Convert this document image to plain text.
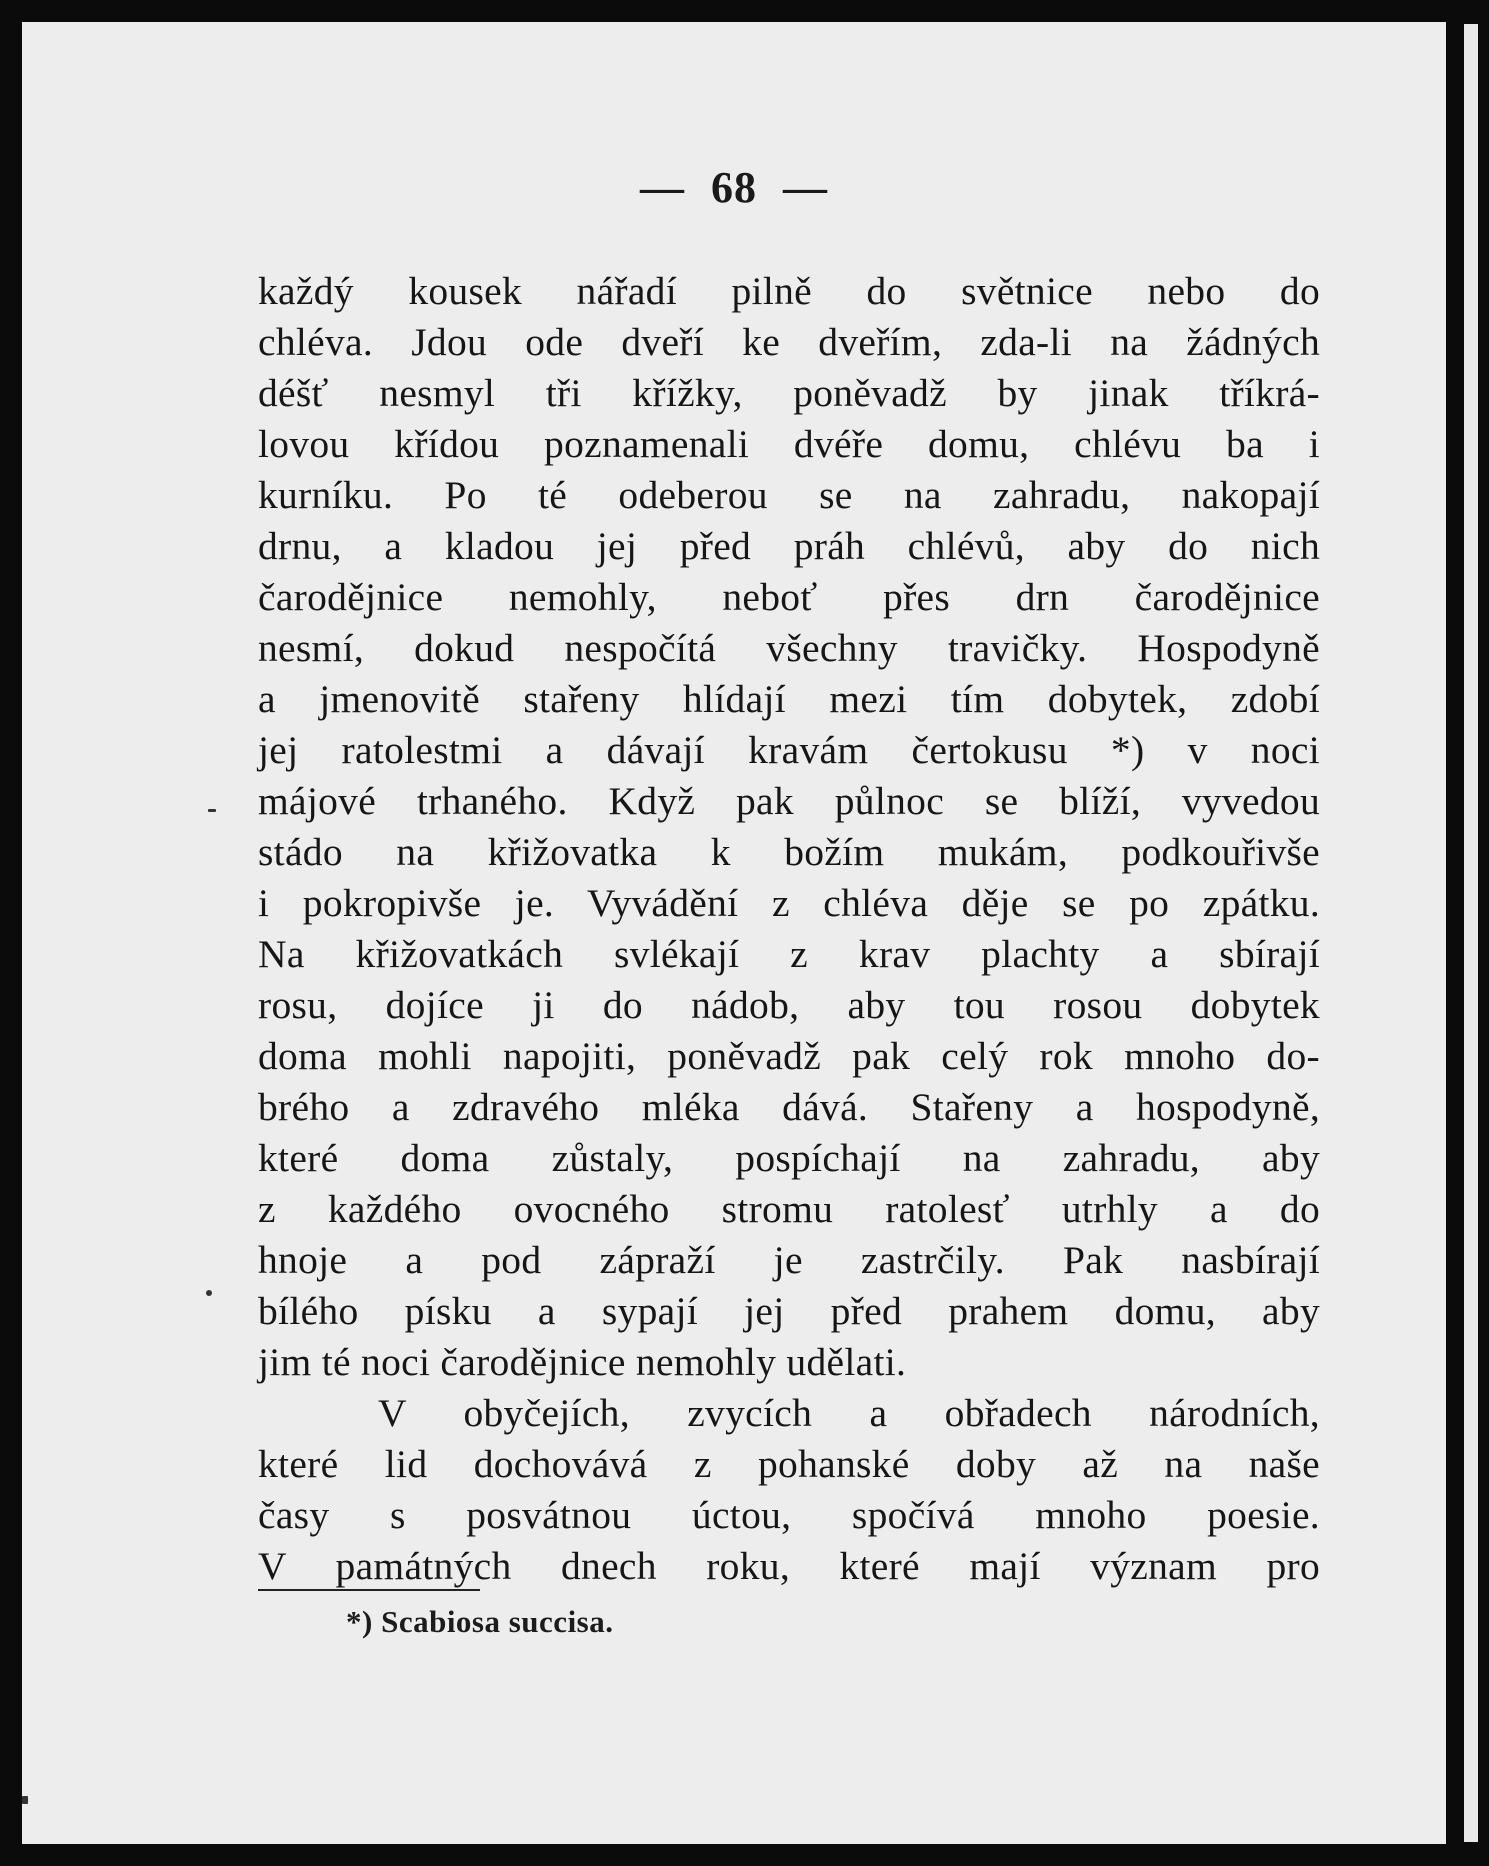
— 68 —
každý kousek nářadí pilně do světnice nebo do
chléva. Jdou ode dveří ke dveřím, zda-li na žádných
déšť nesmyl tři křížky, poněvadž by jinak tříkrá-
lovou křídou poznamenali dvéře domu, chlévu ba i
kurníku. Po té odeberou se na zahradu, nakopají
drnu, a kladou jej před práh chlévů, aby do nich
čarodějnice nemohly, neboť přes drn čarodějnice
nesmí, dokud nespočítá všechny travičky. Hospodyně
a jmenovitě stařeny hlídají mezi tím dobytek, zdobí
jej ratolestmi a dávají kravám čertokusu *) v noci
májové trhaného. Když pak půlnoc se blíží, vyvedou
stádo na křižovatka k božím mukám, podkouřivše
i pokropivše je. Vyvádění z chléva děje se po zpátku.
Na křižovatkách svlékají z krav plachty a sbírají
rosu, dojíce ji do nádob, aby tou rosou dobytek
doma mohli napojiti, poněvadž pak celý rok mnoho do-
brého a zdravého mléka dává. Stařeny a hospodyně,
které doma zůstaly, pospíchají na zahradu, aby
z každého ovocného stromu ratolesť utrhly a do
hnoje a pod zápraží je zastrčily. Pak nasbírají
bílého písku a sypají jej před prahem domu, aby
jim té noci čarodějnice nemohly udělati.
V obyčejích, zvycích a obřadech národních,
které lid dochovává z pohanské doby až na naše
časy s posvátnou úctou, spočívá mnoho poesie.
V památných dnech roku, které mají význam pro
*) Scabiosa succisa.
